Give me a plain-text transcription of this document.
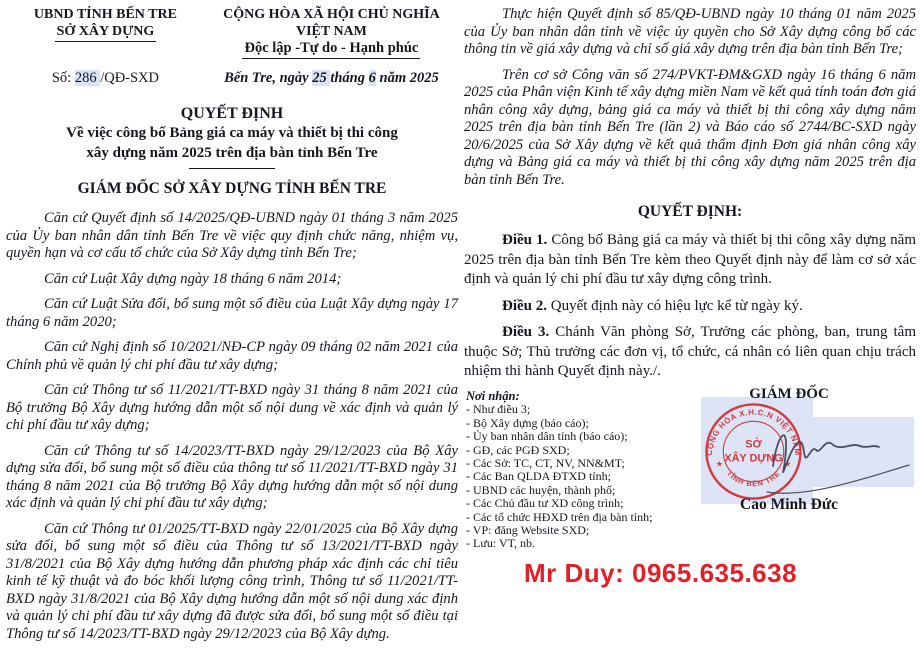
UBND TỈNH BẾN TRE
SỞ XÂY DỰNG
CỘNG HÒA XÃ HỘI CHỦ NGHĨA VIỆT NAM
Độc lập -Tự do - Hạnh phúc
Số: 286 /QĐ-SXD	Bến Tre, ngày 25 tháng 6 năm 2025
QUYẾT ĐỊNH
Về việc công bố Bảng giá ca máy và thiết bị thi công
xây dựng năm 2025 trên địa bàn tỉnh Bến Tre
GIÁM ĐỐC SỞ XÂY DỰNG TỈNH BẾN TRE

Căn cứ Quyết định số 14/2025/QĐ-UBND ngày 01 tháng 3 năm 2025 của Ủy ban nhân dân tỉnh Bến Tre về việc quy định chức năng, nhiệm vụ, quyền hạn và cơ cấu tổ chức của Sở Xây dựng tỉnh Bến Tre;

Căn cứ Luật Xây dựng ngày 18 tháng 6 năm 2014;

Căn cứ Luật Sửa đổi, bổ sung một số điều của Luật Xây dựng ngày 17 tháng 6 năm 2020;

Căn cứ Nghị định số 10/2021/NĐ-CP ngày 09 tháng 02 năm 2021 của Chính phủ về quản lý chi phí đầu tư xây dựng;

Căn cứ Thông tư số 11/2021/TT-BXD ngày 31 tháng 8 năm 2021 của Bộ trưởng Bộ Xây dựng hướng dẫn một số nội dung về xác định và quản lý chi phí đầu tư xây dựng;

Căn cứ Thông tư số 14/2023/TT-BXD ngày 29/12/2023 của Bộ Xây dựng sửa đổi, bổ sung một số điều của thông tư số 11/2021/TT-BXD ngày 31 tháng 8 năm 2021 của Bộ trưởng Bộ Xây dựng hướng dẫn một số nội dung xác định và quản lý chi phí đầu tư xây dựng;

Căn cứ Thông tư 01/2025/TT-BXD ngày 22/01/2025 của Bộ Xây dựng sửa đổi, bổ sung một số điều của Thông tư số 13/2021/TT-BXD ngày 31/8/2021 của Bộ Xây dựng hướng dẫn phương pháp xác định các chỉ tiêu kinh tế kỹ thuật và đo bóc khối lượng công trình, Thông tư số 11/2021/TT-BXD ngày 31/8/2021 của Bộ Xây dựng hướng dẫn một số nội dung xác định và quản lý chi phí đầu tư xây dựng đã được sửa đổi, bổ sung một số điều tại Thông tư số 14/2023/TT-BXD ngày 29/12/2023 của Bộ Xây dựng.

Thực hiện Quyết định số 85/QĐ-UBND ngày 10 tháng 01 năm 2025 của Ủy ban nhân dân tỉnh về việc ủy quyền cho Sở Xây dựng công bố các thông tin về giá xây dựng và chỉ số giá xây dựng trên địa bàn tỉnh Bến Tre;

Trên cơ sở Công văn số 274/PVKT-ĐM&GXD ngày 16 tháng 6 năm 2025 của Phân viện Kinh tế xây dựng miền Nam về kết quả tính toán đơn giá nhân công xây dựng, bảng giá ca máy và thiết bị thi công xây dựng năm 2025 trên địa bàn tỉnh Bến Tre (lần 2) và Báo cáo số 2744/BC-SXD ngày 20/6/2025 của Sở Xây dựng về kết quả thẩm định Đơn giá nhân công xây dựng và Bảng giá ca máy và thiết bị thi công xây dựng năm 2025 trên địa bàn tỉnh Bến Tre.

QUYẾT ĐỊNH:

Điều 1. Công bố Bảng giá ca máy và thiết bị thi công xây dựng năm 2025 trên địa bàn tỉnh Bến Tre kèm theo Quyết định này để làm cơ sở xác định và quản lý chi phí đầu tư xây dựng công trình.

Điều 2. Quyết định này có hiệu lực kể từ ngày ký.

Điều 3. Chánh Văn phòng Sở, Trưởng các phòng, ban, trung tâm thuộc Sở; Thủ trưởng các đơn vị, tổ chức, cá nhân có liên quan chịu trách nhiệm thi hành Quyết định này./.

Nơi nhận:
- Như điều 3;
- Bộ Xây dựng (báo cáo);
- Ủy ban nhân dân tỉnh (báo cáo);
- GĐ, các PGĐ SXD;
- Các Sở: TC, CT, NV, NN&MT;
- Các Ban QLDA ĐTXD tỉnh;
- UBND các huyện, thành phố;
- Các Chủ đầu tư XD công trình;
- Các tổ chức HĐXD trên địa bàn tỉnh;
- VP: đăng Website SXD;
- Lưu: VT, nb.
GIÁM ĐỐC
CỘNG HÒA X.H.C.N VIỆT NAM
TỈNH BẾN TRE
★	★
SỞ
XÂY DỰNG
Cao Minh Đức
Mr Duy: 0965.635.638
